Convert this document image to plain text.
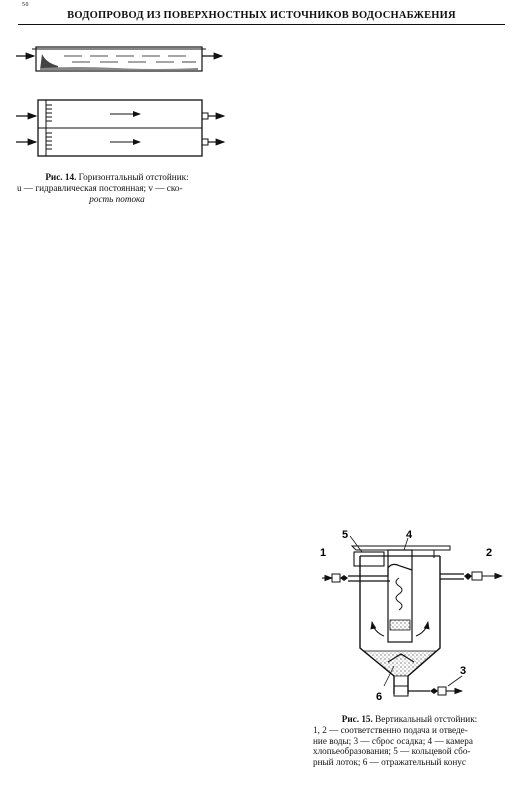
50
ВОДОПРОВОД ИЗ ПОВЕРХНОСТНЫХ ИСТОЧНИКОВ ВОДОСНАБЖЕНИЯ
Рис. 14. Горизонтальный отстойник:
u — гидравлическая постоянная; v — ско-
рость потока
1	2
3
4
5
6
Рис. 15. Вертикальный отстойник:
1, 2 — соответственно подача и отведе-
ние воды; 3 — сброс осадка; 4 — камера
хлопьеобразования; 5 — кольцевой сбо-
рный лоток; 6 — отражательный конус
